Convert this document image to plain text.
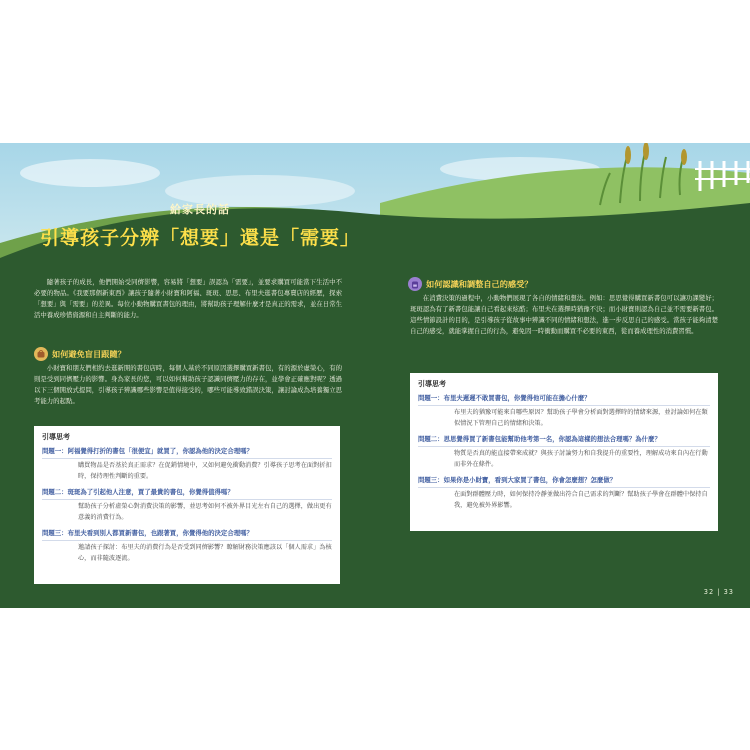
給家長的話
引導孩子分辨「想要」還是「需要」

隨著孩子的成長，他們開始受同儕影響，容易將「想要」誤認為「需要」，並要求購買可能當下生活中不必要的物品。《我要那個新東西》讓孩子隨著小財寶和阿福、斑斑、思思、布里夫逛書包專賣店的經歷，探索「想要」與「需要」的差異。每位小動物購買書包的理由，將幫助孩子理解什麼才是真正的需求，並在日常生活中養成珍惜資源和自主判斷的能力。

如何避免盲目跟隨？

小財寶和朋友們相約去逛新開的書包店時，每個人基於不同原因選擇購買新書包，有的源於虛榮心，有的則是受到同儕壓力的影響。身為家長的您，可以如何幫助孩子認識同儕壓力的存在，並學會正確應對呢？透過以下三個開放式提問，引導孩子辨識哪些影響是值得接受的，哪些可能導致錯誤決策，讓討論成為培養獨立思考能力的起點。

引導思考
問題一： 阿福覺得打折的書包「很便宜」就買了，你認為他的決定合理嗎？
購買物品是否基於真正需求？在促銷情境中，又如何避免衝動消費？引導孩子思考在面對折扣時，保持理性判斷的重要。
問題二： 斑斑為了引起他人注意，買了最貴的書包，你覺得值得嗎？
幫助孩子分析虛榮心對消費決策的影響，並思考如何不被外界目光左右自己的選擇，做出更有意義的消費行為。
問題三： 布里夫看到別人都買新書包，也跟著買，你覺得他的決定合理嗎？
邀請孩子探討：布里夫的消費行為是否受到同儕影響？瞭解財務決策應該以「個人需求」為核心，而非隨波逐流。
如何認識和調整自己的感受？

在消費決策的過程中，小動物們展現了各自的情緒和想法。例如：思思覺得購買新書包可以讓功課變好；斑斑認為有了新書包能讓自己看起來炫酷；布里夫在選擇時猶豫不決；而小財寶則認為自己並不需要新書包。這些情節設計的目的，是引導孩子從故事中辨識不同的情緒和想法，進一步反思自己的感受。當孩子能夠清楚自己的感受，就能掌握自己的行為，避免因一時衝動而購買不必要的東西，從而養成理性的消費習慣。

引導思考
問題一： 布里夫遲遲不敢買書包，你覺得他可能在擔心什麼？
布里夫的猶豫可能來自哪些原因？幫助孩子學會分析面對選擇時的情緒來源，並討論如何在類似情況下管理自己的情緒和決策。
問題二： 思思覺得買了新書包能幫助他考第一名，你認為這樣的想法合理嗎？為什麼？
物質是否真的能直接帶來成就？與孩子討論努力和自我提升的重要性，理解成功來自內在行動而非外在條件。
問題三： 如果你是小財寶，看到大家買了書包，你會怎麼想？怎麼做？
在面對群體壓力時，如何保持冷靜並做出符合自己需求的判斷？幫助孩子學會在群體中保持自我，避免被外界影響。
32 | 33
